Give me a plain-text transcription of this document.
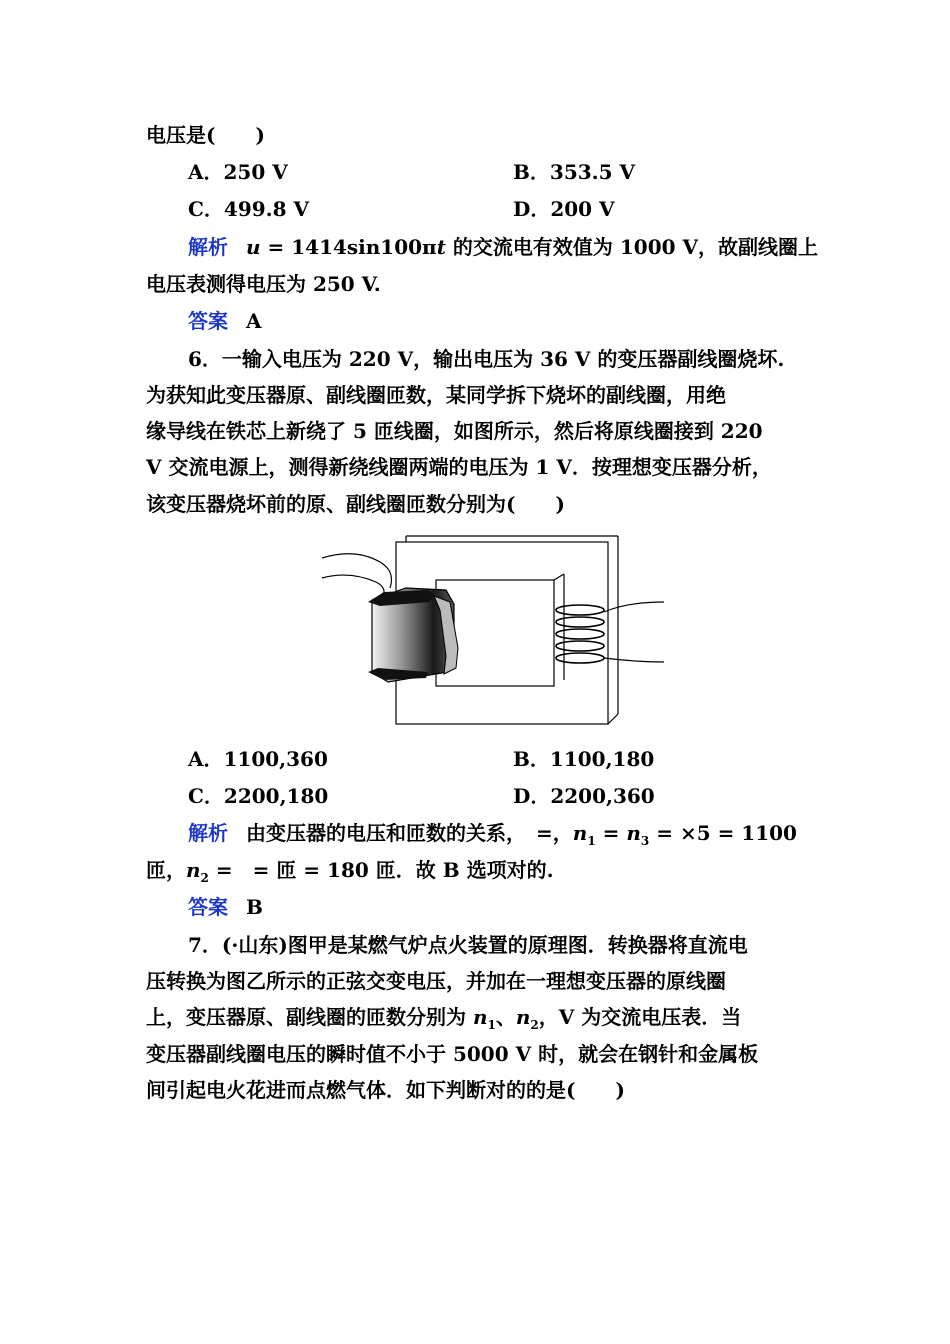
电压是(　　)
A．250 V	B．353.5 V
C．499.8 V	D．200 V
解析 u = 1414sin100πt 的交流电有效值为 1000 V，故副线圈上
电压表测得电压为 250 V.
答案 A
6．一输入电压为 220 V，输出电压为 36 V 的变压器副线圈烧坏.
为获知此变压器原、副线圈匝数，某同学拆下烧坏的副线圈，用绝
缘导线在铁芯上新绕了 5 匝线圈，如图所示，然后将原线圈接到 220
V 交流电源上，测得新绕线圈两端的电压为 1 V．按理想变压器分析，
该变压器烧坏前的原、副线圈匝数分别为(　　)
A．1100,360	B．1100,180
C．2200,180	D．2200,360
解析 由变压器的电压和匝数的关系，　=，$n_1 = n_3 = \times 5 = 1100$
匝，$n_2$ =　= 匝 = 180 匝．故 B 选项对的.
答案 B
7．(·山东)图甲是某燃气炉点火装置的原理图．转换器将直流电
压转换为图乙所示的正弦交变电压，并加在一理想变压器的原线圈
上，变压器原、副线圈的匝数分别为 $n_1$、$n_2$，V 为交流电压表．当
变压器副线圈电压的瞬时值不小于 5000 V 时，就会在钢针和金属板
间引起电火花进而点燃气体．如下判断对的的是(　　)
